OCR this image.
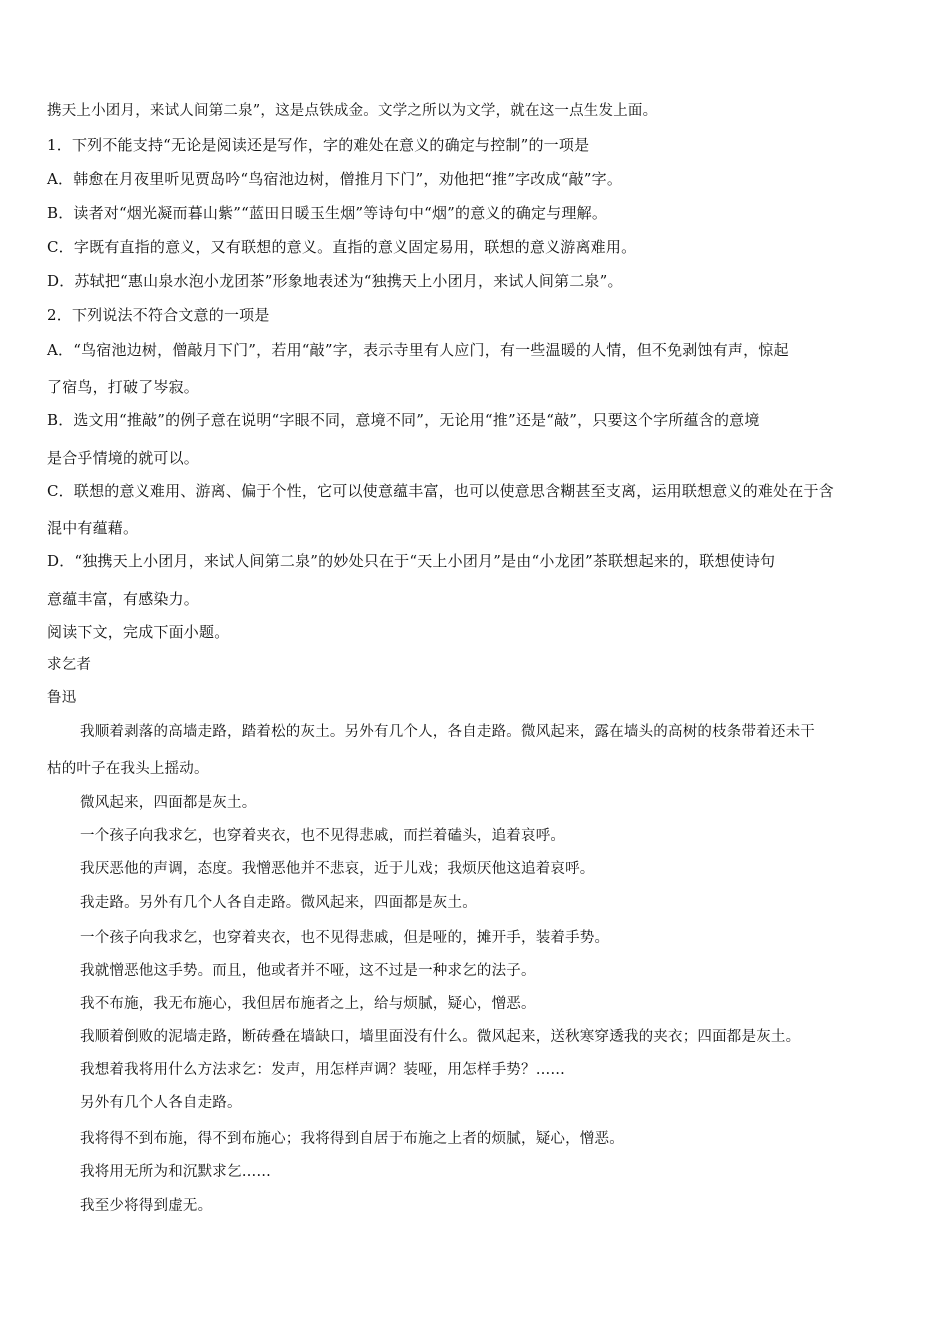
携天上小团月，来试人间第二泉”，这是点铁成金。文学之所以为文学，就在这一点生发上面。
1．下列不能支持“无论是阅读还是写作，字的难处在意义的确定与控制”的一项是
A．韩愈在月夜里听见贾岛吟“鸟宿池边树，僧推月下门”，劝他把“推”字改成“敲”字。
B．读者对“烟光凝而暮山紫”“蓝田日暖玉生烟”等诗句中“烟”的意义的确定与理解。
C．字既有直指的意义，又有联想的意义。直指的意义固定易用，联想的意义游离难用。
D．苏轼把“惠山泉水泡小龙团茶”形象地表述为“独携天上小团月，来试人间第二泉”。
2．下列说法不符合文意的一项是
A．“鸟宿池边树，僧敲月下门”，若用“敲”字，表示寺里有人应门，有一些温暖的人情，但不免剥蚀有声，惊起
了宿鸟，打破了岑寂。
B．选文用“推敲”的例子意在说明“字眼不同，意境不同”，无论用“推”还是“敲”，只要这个字所蕴含的意境
是合乎情境的就可以。
C．联想的意义难用、游离、偏于个性，它可以使意蕴丰富，也可以使意思含糊甚至支离，运用联想意义的难处在于含
混中有蕴藉。
D．“独携天上小团月，来试人间第二泉”的妙处只在于“天上小团月”是由“小龙团”茶联想起来的，联想使诗句
意蕴丰富，有感染力。
阅读下文，完成下面小题。
求乞者
鲁迅
我顺着剥落的高墙走路，踏着松的灰土。另外有几个人，各自走路。微风起来，露在墙头的高树的枝条带着还未干
枯的叶子在我头上摇动。
微风起来，四面都是灰土。
一个孩子向我求乞，也穿着夹衣，也不见得悲戚，而拦着磕头，追着哀呼。
我厌恶他的声调，态度。我憎恶他并不悲哀，近于儿戏；我烦厌他这追着哀呼。
我走路。另外有几个人各自走路。微风起来，四面都是灰土。
一个孩子向我求乞，也穿着夹衣，也不见得悲戚，但是哑的，摊开手，装着手势。
我就憎恶他这手势。而且，他或者并不哑，这不过是一种求乞的法子。
我不布施，我无布施心，我但居布施者之上，给与烦腻，疑心，憎恶。
我顺着倒败的泥墙走路，断砖叠在墙缺口，墙里面没有什么。微风起来，送秋寒穿透我的夹衣；四面都是灰土。
我想着我将用什么方法求乞：发声，用怎样声调？装哑，用怎样手势？……
另外有几个人各自走路。
我将得不到布施，得不到布施心；我将得到自居于布施之上者的烦腻，疑心，憎恶。
我将用无所为和沉默求乞……
我至少将得到虚无。
